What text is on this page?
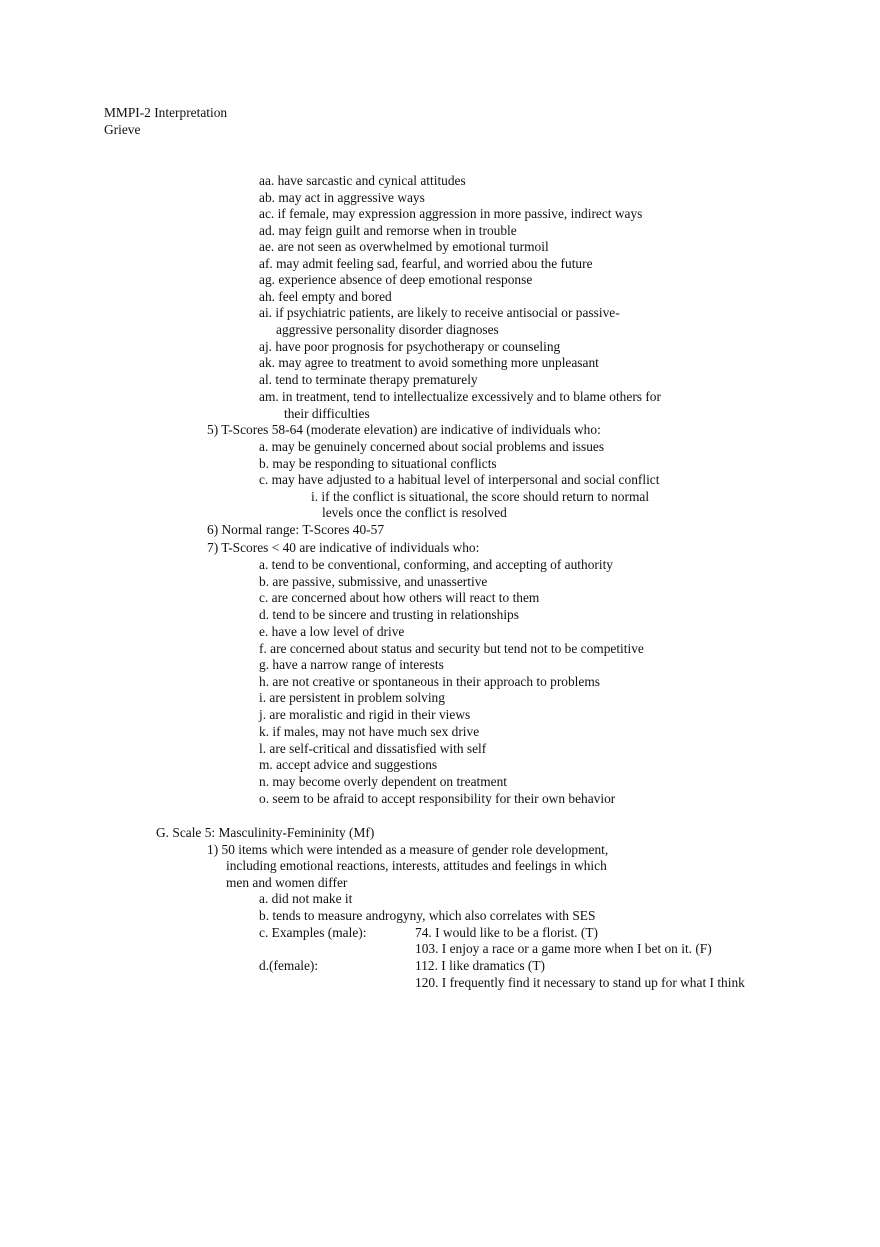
MMPI-2 Interpretation
Grieve
aa. have sarcastic and cynical attitudes
ab. may act in aggressive ways
ac. if female, may expression aggression in more passive, indirect ways
ad. may feign guilt and remorse when in trouble
ae. are not seen as overwhelmed by emotional turmoil
af. may admit feeling sad, fearful, and worried abou the future
ag. experience absence of deep emotional response
ah. feel empty and bored
ai. if psychiatric patients, are likely to receive antisocial or passive-
aggressive personality disorder diagnoses
aj. have poor prognosis for psychotherapy or counseling
ak. may agree to treatment to avoid something more unpleasant
al. tend to terminate therapy prematurely
am. in treatment, tend to intellectualize excessively and to blame others for
their difficulties
5) T-Scores 58-64 (moderate elevation) are indicative of individuals who:
a. may be genuinely concerned about social problems and issues
b. may be responding to situational conflicts
c. may have adjusted to a habitual level of interpersonal and social conflict
i. if the conflict is situational, the score should return to normal
levels once the conflict is resolved
6) Normal range: T-Scores 40-57
7) T-Scores < 40 are indicative of individuals who:
a. tend to be conventional, conforming, and accepting of authority
b. are passive, submissive, and unassertive
c. are concerned about how others will react to them
d. tend to be sincere and trusting in relationships
e. have a low level of drive
f. are concerned about status and security but tend not to be competitive
g. have a narrow range of interests
h. are not creative or spontaneous in their approach to problems
i. are persistent in problem solving
j. are moralistic and rigid in their views
k. if males, may not have much sex drive
l. are self-critical and dissatisfied with self
m. accept advice and suggestions
n. may become overly dependent on treatment
o. seem to be afraid to accept responsibility for their own behavior
G. Scale 5: Masculinity-Femininity (Mf)
1) 50 items which were intended as a measure of gender role development,
including emotional reactions, interests, attitudes and feelings in which
men and women differ
a. did not make it
b. tends to measure androgyny, which also correlates with SES
c. Examples (male):	74. I would like to be a florist. (T)
103. I enjoy a race or a game more when I bet on it. (F)
d.(female):	112. I like dramatics (T)
120. I frequently find it necessary to stand up for what I think
